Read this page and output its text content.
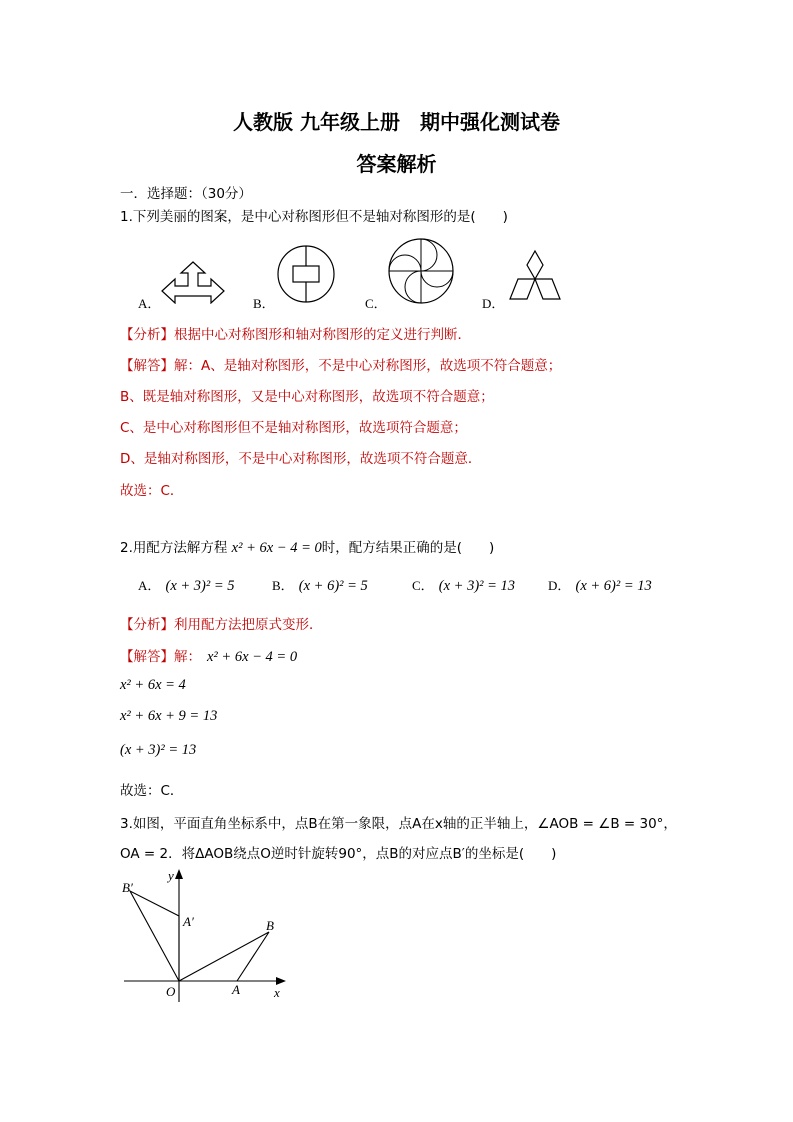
人教版 九年级上册　期中强化测试卷
答案解析
一．选择题：（30分）
1.下列美丽的图案，是中心对称图形但不是轴对称图形的是(　　)
A．	B．	C．	D．
【分析】根据中心对称图形和轴对称图形的定义进行判断．
【解答】解：A、是轴对称图形，不是中心对称图形，故选项不符合题意；
B、既是轴对称图形，又是中心对称图形，故选项不符合题意；
C、是中心对称图形但不是轴对称图形，故选项符合题意；
D、是轴对称图形，不是中心对称图形，故选项不符合题意．
故选：C．
2.用配方法解方程 x² + 6x − 4 = 0时，配方结果正确的是(　　)
A． (x + 3)² = 5	B． (x + 6)² = 5	C． (x + 3)² = 13	D． (x + 6)² = 13
【分析】利用配方法把原式变形．
【解答】解： x² + 6x − 4 = 0
x² + 6x = 4
x² + 6x + 9 = 13
(x + 3)² = 13
故选：C．
3.如图，平面直角坐标系中，点B在第一象限，点A在x轴的正半轴上，∠AOB = ∠B = 30°，
OA = 2．将ΔAOB绕点O逆时针旋转90°，点B的对应点B′的坐标是(　　)
y
x
O	A
B
A′
B′
